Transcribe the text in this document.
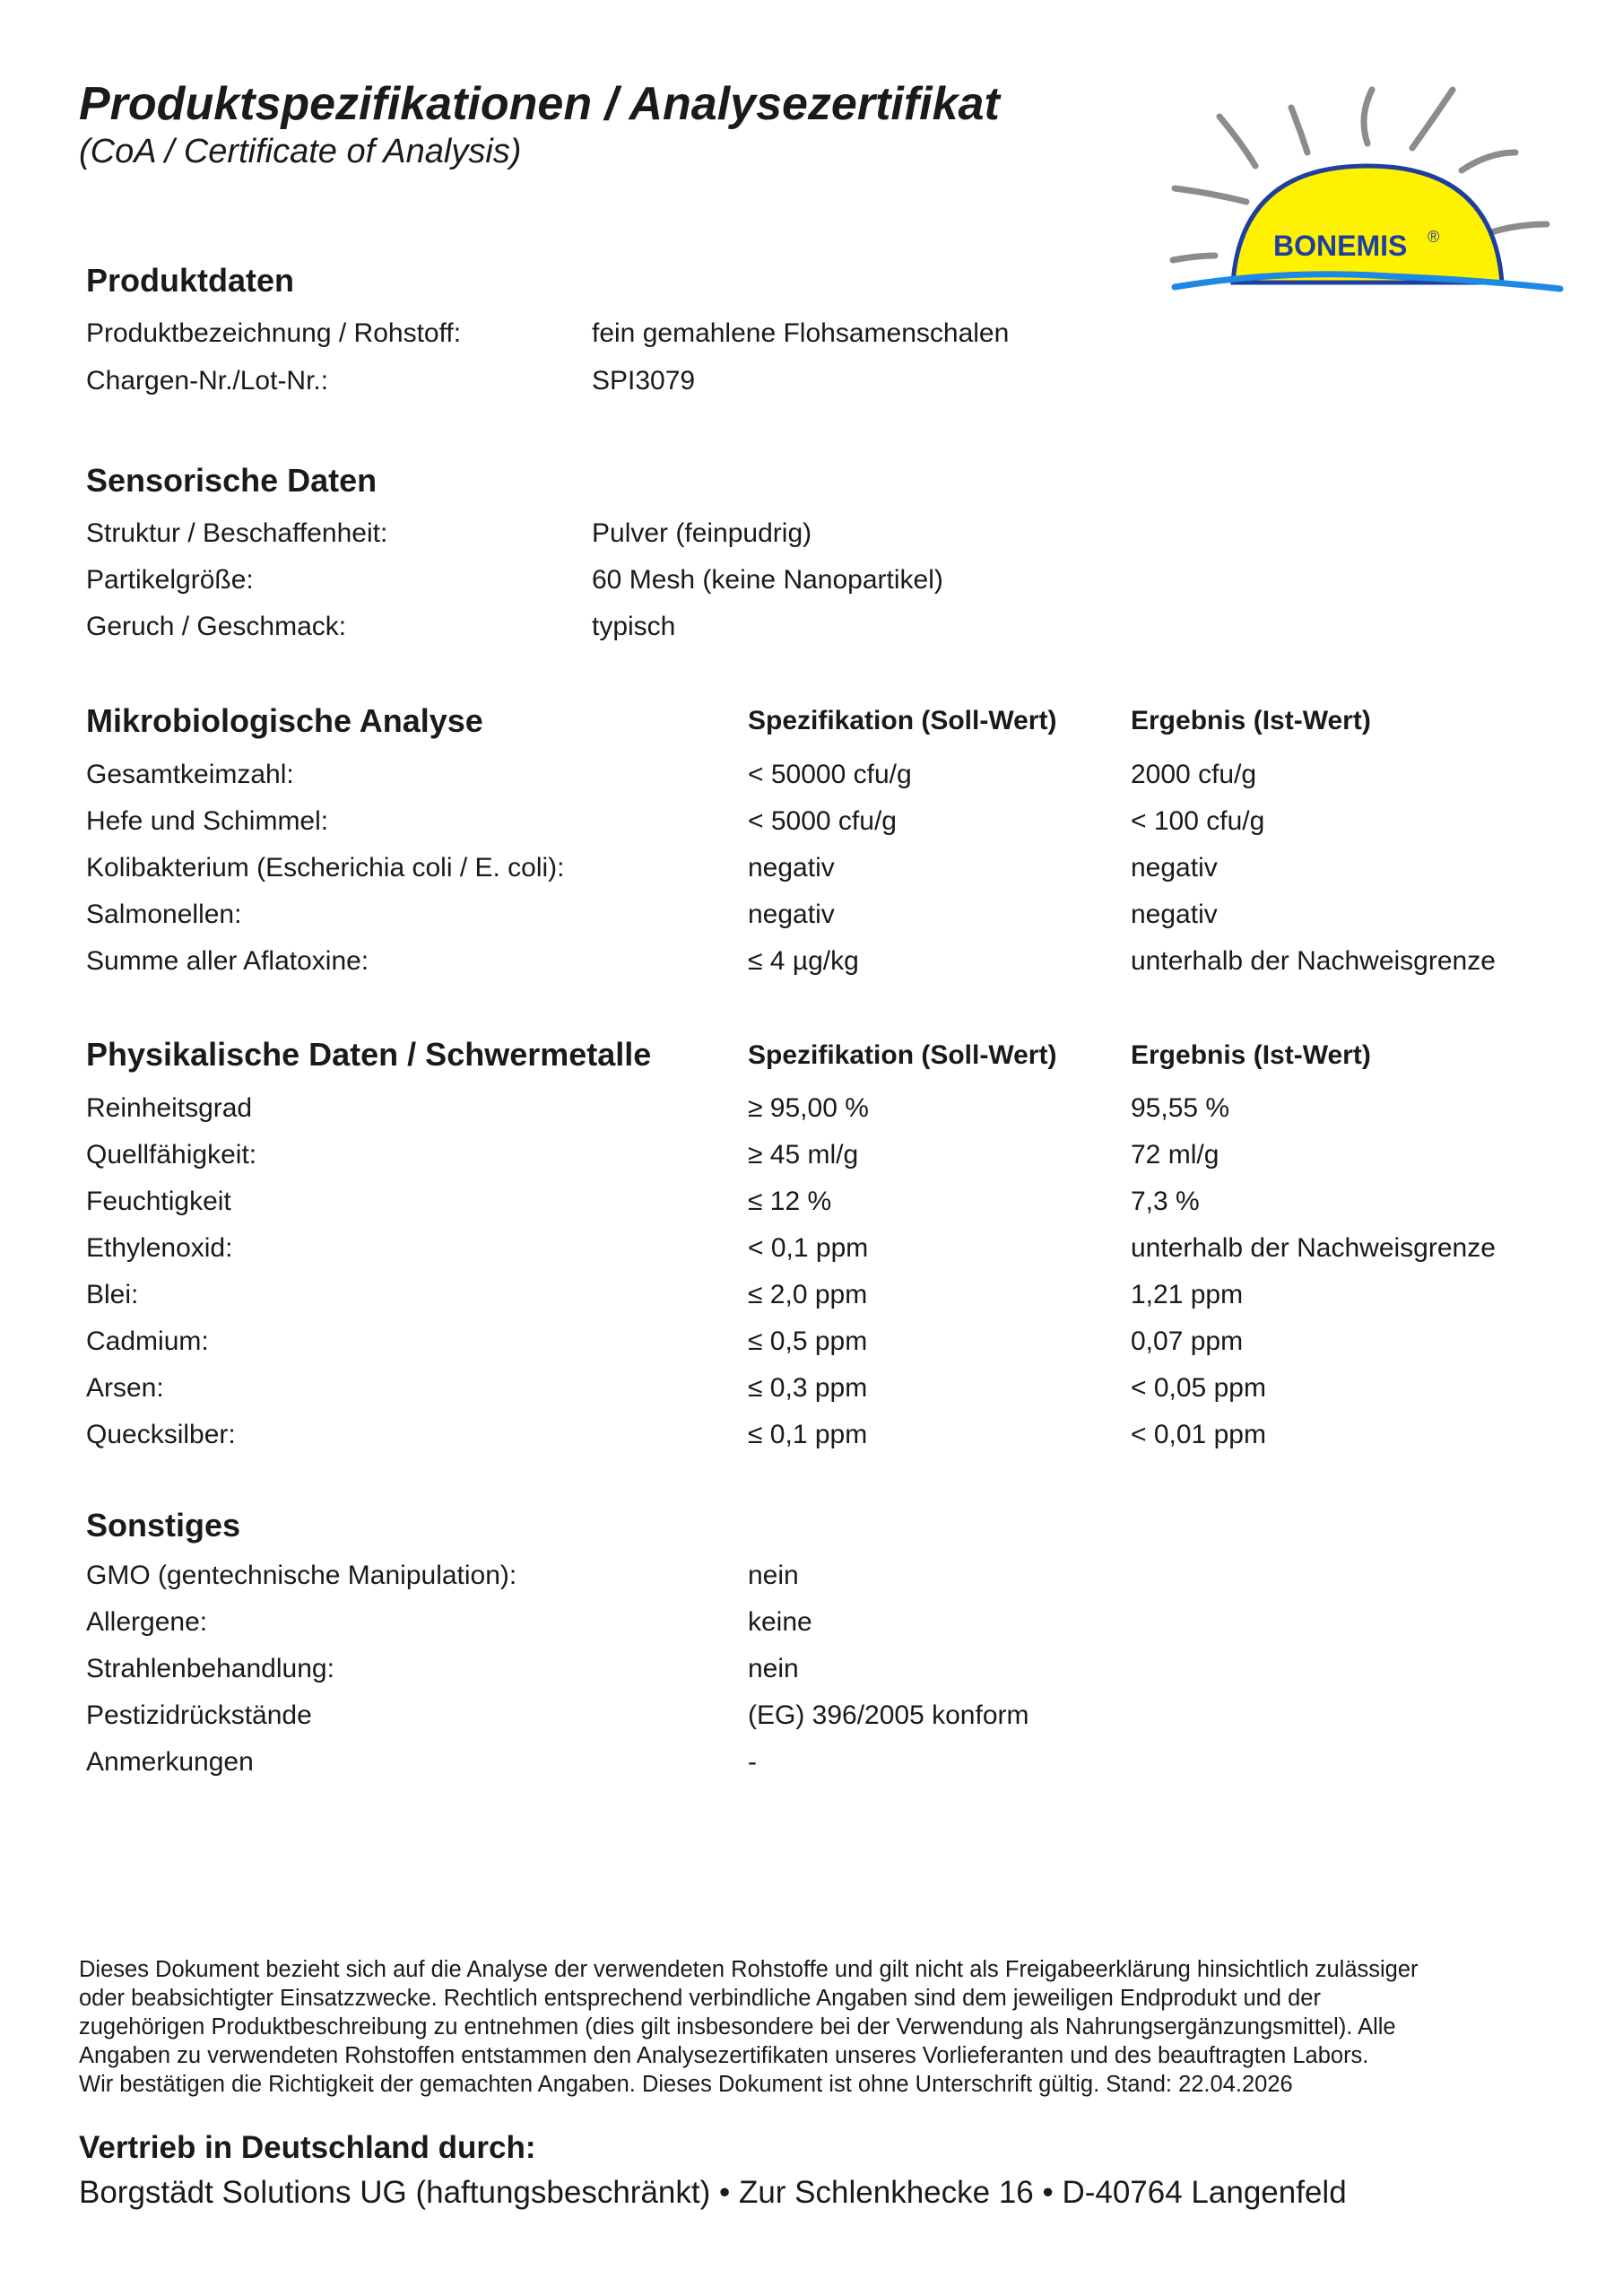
Produktspezifikationen / Analysezertifikat
(CoA / Certificate of Analysis)
BONEMIS ®
Produktdaten
Produktbezeichnung / Rohstoff:	fein gemahlene Flohsamenschalen
Chargen-Nr./Lot-Nr.:	SPI3079
Sensorische Daten
Struktur / Beschaffenheit:	Pulver (feinpudrig)
Partikelgröße:	60 Mesh (keine Nanopartikel)
Geruch / Geschmack:	typisch
Mikrobiologische Analyse	Spezifikation (Soll-Wert)	Ergebnis (Ist-Wert)
Gesamtkeimzahl:	< 50000 cfu/g	2000 cfu/g
Hefe und Schimmel:	< 5000 cfu/g	< 100 cfu/g
Kolibakterium (Escherichia coli / E. coli):	negativ	negativ
Salmonellen:	negativ	negativ
Summe aller Aflatoxine:	≤ 4 µg/kg	unterhalb der Nachweisgrenze
Physikalische Daten / Schwermetalle	Spezifikation (Soll-Wert)	Ergebnis (Ist-Wert)
Reinheitsgrad	≥ 95,00 %	95,55 %
Quellfähigkeit:	≥ 45 ml/g	72 ml/g
Feuchtigkeit	≤ 12 %	7,3 %
Ethylenoxid:	< 0,1 ppm	unterhalb der Nachweisgrenze
Blei:	≤ 2,0 ppm	1,21 ppm
Cadmium:	≤ 0,5 ppm	0,07 ppm
Arsen:	≤ 0,3 ppm	< 0,05 ppm
Quecksilber:	≤ 0,1 ppm	< 0,01 ppm
Sonstiges
GMO (gentechnische Manipulation):	nein
Allergene:	keine
Strahlenbehandlung:	nein
Pestizidrückstände	(EG) 396/2005 konform
Anmerkungen	-
Dieses Dokument bezieht sich auf die Analyse der verwendeten Rohstoffe und gilt nicht als Freigabeerklärung hinsichtlich zulässiger
oder beabsichtigter Einsatzzwecke. Rechtlich entsprechend verbindliche Angaben sind dem jeweiligen Endprodukt und der
zugehörigen Produktbeschreibung zu entnehmen (dies gilt insbesondere bei der Verwendung als Nahrungsergänzungsmittel). Alle
Angaben zu verwendeten Rohstoffen entstammen den Analysezertifikaten unseres Vorlieferanten und des beauftragten Labors.
Wir bestätigen die Richtigkeit der gemachten Angaben. Dieses Dokument ist ohne Unterschrift gültig. Stand: 22.04.2026
Vertrieb in Deutschland durch:
Borgstädt Solutions UG (haftungsbeschränkt) • Zur Schlenkhecke 16 • D-40764 Langenfeld
